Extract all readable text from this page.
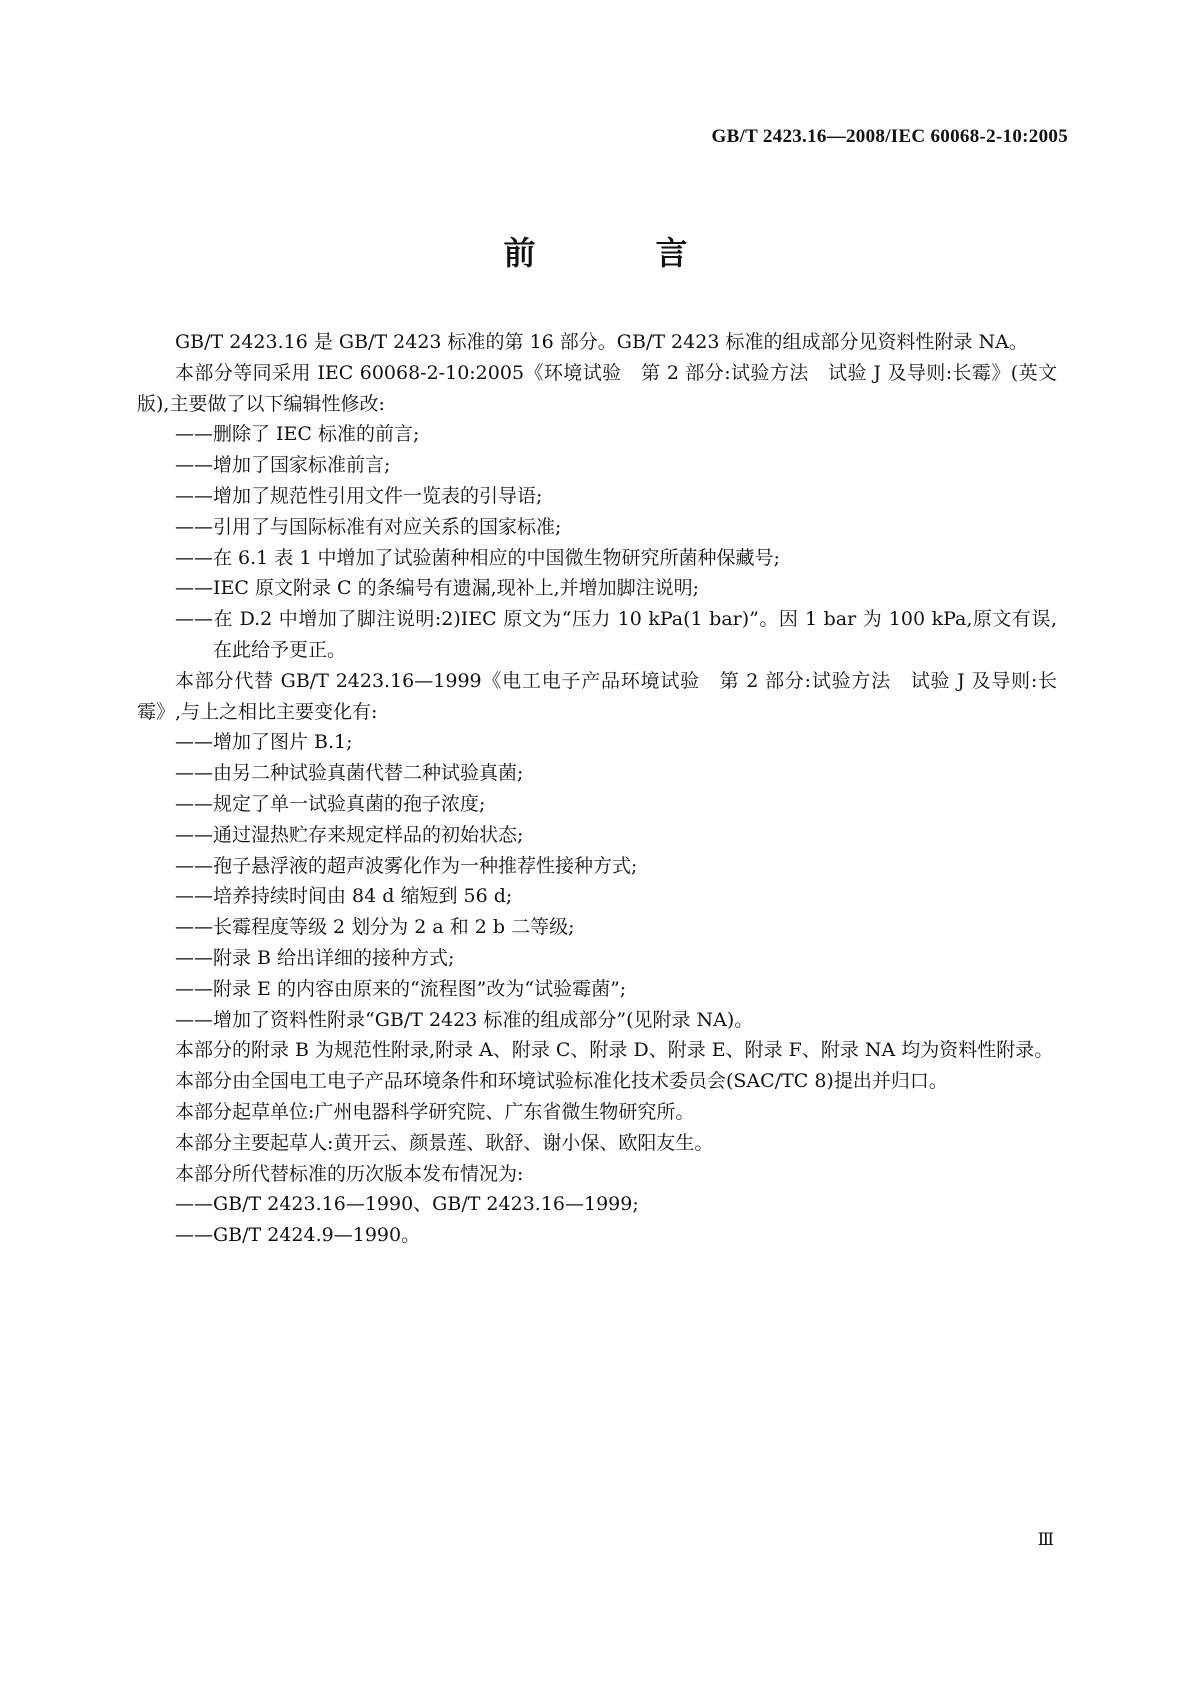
GB/T 2423.16—2008/IEC 60068-2-10:2005
前　言

GB/T 2423.16 是 GB/T 2423 标准的第 16 部分。GB/T 2423 标准的组成部分见资料性附录 NA。

本部分等同采用 IEC 60068-2-10:2005《环境试验　第 2 部分:试验方法　试验 J 及导则:长霉》(英文版),主要做了以下编辑性修改:

——删除了 IEC 标准的前言;

——增加了国家标准前言;

——增加了规范性引用文件一览表的引导语;

——引用了与国际标准有对应关系的国家标准;

——在 6.1 表 1 中增加了试验菌种相应的中国微生物研究所菌种保藏号;

——IEC 原文附录 C 的条编号有遗漏,现补上,并增加脚注说明;

——在 D.2 中增加了脚注说明:2)IEC 原文为“压力 10 kPa(1 bar)”。因 1 bar 为 100 kPa,原文有误,在此给予更正。

本部分代替 GB/T 2423.16—1999《电工电子产品环境试验　第 2 部分:试验方法　试验 J 及导则:长霉》,与上之相比主要变化有:

——增加了图片 B.1;

——由另二种试验真菌代替二种试验真菌;

——规定了单一试验真菌的孢子浓度;

——通过湿热贮存来规定样品的初始状态;

——孢子悬浮液的超声波雾化作为一种推荐性接种方式;

——培养持续时间由 84 d 缩短到 56 d;

——长霉程度等级 2 划分为 2 a 和 2 b 二等级;

——附录 B 给出详细的接种方式;

——附录 E 的内容由原来的“流程图”改为“试验霉菌”;

——增加了资料性附录“GB/T 2423 标准的组成部分”(见附录 NA)。

本部分的附录 B 为规范性附录,附录 A、附录 C、附录 D、附录 E、附录 F、附录 NA 均为资料性附录。

本部分由全国电工电子产品环境条件和环境试验标准化技术委员会(SAC/TC 8)提出并归口。

本部分起草单位:广州电器科学研究院、广东省微生物研究所。

本部分主要起草人:黄开云、颜景莲、耿舒、谢小保、欧阳友生。

本部分所代替标准的历次版本发布情况为:

——GB/T 2423.16—1990、GB/T 2423.16—1999;

——GB/T 2424.9—1990。

Ⅲ
